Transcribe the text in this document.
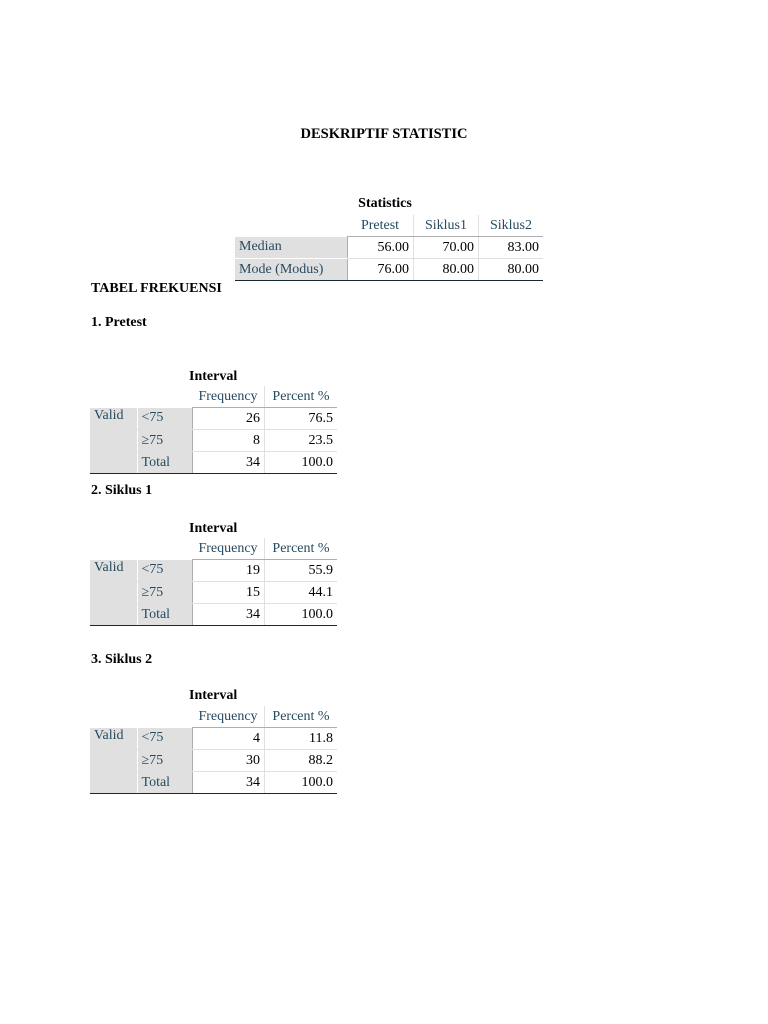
DESKRIPTIF STATISTIC
Statistics
	Pretest	Siklus1	Siklus2
Median	56.00	70.00	83.00
Mode (Modus)	76.00	80.00	80.00
TABEL FREKUENSI
1. Pretest
Interval
		Frequency	Percent %
Valid	<75	26	76.5
	≥75	8	23.5
	Total	34	100.0
2. Siklus 1
Interval
		Frequency	Percent %
Valid	<75	19	55.9
	≥75	15	44.1
	Total	34	100.0
3. Siklus 2
Interval
		Frequency	Percent %
Valid	<75	4	11.8
	≥75	30	88.2
	Total	34	100.0
